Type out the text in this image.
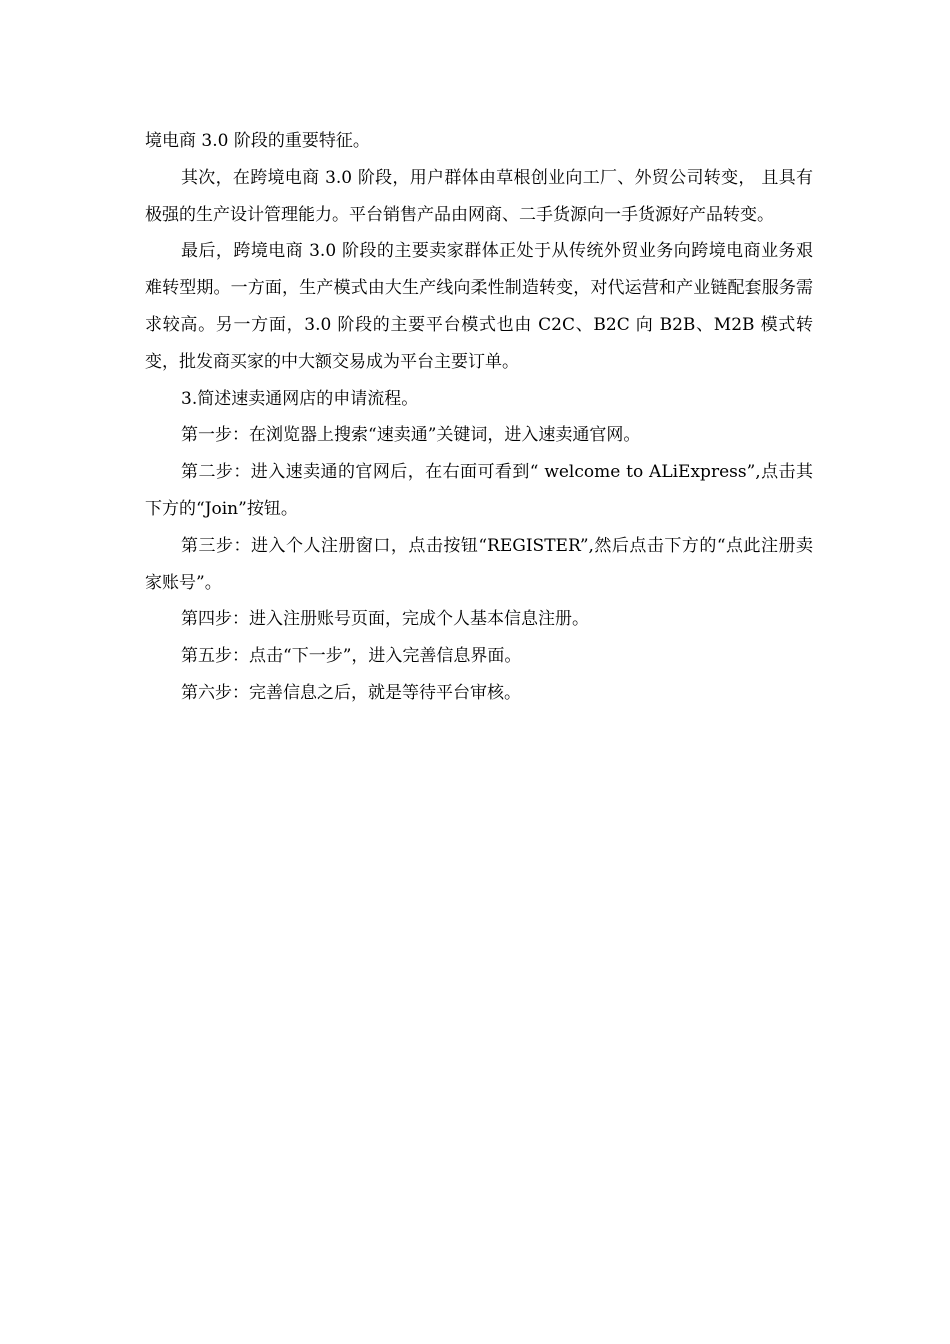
境电商 3.0 阶段的重要特征。

其次，在跨境电商 3.0 阶段，用户群体由草根创业向工厂、外贸公司转变， 且具有极强的生产设计管理能力。平台销售产品由网商、二手货源向一手货源好产品转变。

最后，跨境电商 3.0 阶段的主要卖家群体正处于从传统外贸业务向跨境电商业务艰难转型期。一方面，生产模式由大生产线向柔性制造转变，对代运营和产业链配套服务需求较高。另一方面，3.0 阶段的主要平台模式也由 C2C、B2C 向 B2B、M2B 模式转变，批发商买家的中大额交易成为平台主要订单。

3.简述速卖通网店的申请流程。

第一步：在浏览器上搜索“速卖通”关键词，进入速卖通官网。

第二步：进入速卖通的官网后，在右面可看到“ welcome to ALiExpress”,点击其下方的“Join”按钮。

第三步：进入个人注册窗口，点击按钮“REGISTER”,然后点击下方的“点此注册卖家账号”。

第四步：进入注册账号页面，完成个人基本信息注册。

第五步：点击“下一步”，进入完善信息界面。

第六步：完善信息之后，就是等待平台审核。
